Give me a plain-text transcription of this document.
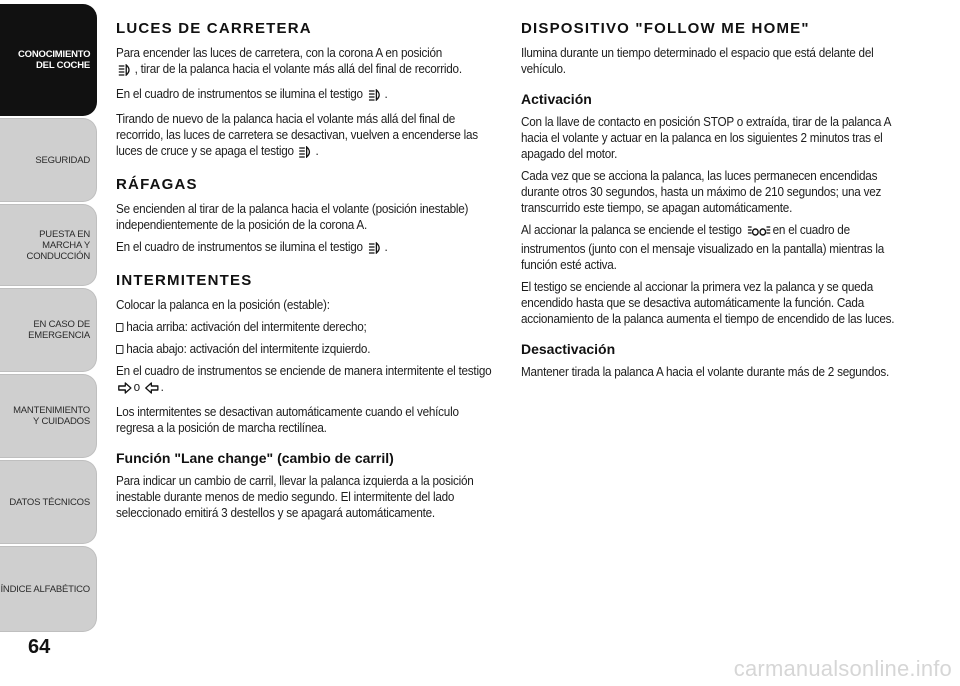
CONOCIMIENTO DEL COCHE
SEGURIDAD
PUESTA EN MARCHA Y CONDUCCIÓN
EN CASO DE EMERGENCIA
MANTENIMIENTO Y CUIDADOS
DATOS TÉCNICOS
ÍNDICE ALFABÉTICO
64
LUCES DE CARRETERA

Para encender las luces de carretera, con la corona A en posición
, tirar de la palanca hacia el volante más allá del final de recorrido.

En el cuadro de instrumentos se ilumina el testigo .

Tirando de nuevo de la palanca hacia el volante más allá del final de recorrido, las luces de carretera se desactivan, vuelven a encenderse las luces de cruce y se apaga el testigo .

RÁFAGAS

Se encienden al tirar de la palanca hacia el volante (posición inestable) independientemente de la posición de la corona A.

En el cuadro de instrumentos se ilumina el testigo .

INTERMITENTES

Colocar la palanca en la posición (estable):

hacia arriba: activación del intermitente derecho;

hacia abajo: activación del intermitente izquierdo.

En el cuadro de instrumentos se enciende de manera intermitente el testigo o .

Los intermitentes se desactivan automáticamente cuando el vehículo regresa a la posición de marcha rectilínea.

Función "Lane change" (cambio de carril)

Para indicar un cambio de carril, llevar la palanca izquierda a la posición inestable durante menos de medio segundo. El intermitente del lado seleccionado emitirá 3 destellos y se apagará automáticamente.

DISPOSITIVO "FOLLOW ME HOME"

Ilumina durante un tiempo determinado el espacio que está delante del vehículo.

Activación

Con la llave de contacto en posición STOP o extraída, tirar de la palanca A hacia el volante y actuar en la palanca en los siguientes 2 minutos tras el apagado del motor.

Cada vez que se acciona la palanca, las luces permanecen encendidas durante otros 30 segundos, hasta un máximo de 210 segundos; una vez transcurrido este tiempo, se apagan automáticamente.

Al accionar la palanca se enciende el testigo en el cuadro de instrumentos (junto con el mensaje visualizado en la pantalla) mientras la función esté activa.

El testigo se enciende al accionar la primera vez la palanca y se queda encendido hasta que se desactiva automáticamente la función. Cada accionamiento de la palanca aumenta el tiempo de encendido de las luces.

Desactivación

Mantener tirada la palanca A hacia el volante durante más de 2 segundos.

carmanualsonline.info
